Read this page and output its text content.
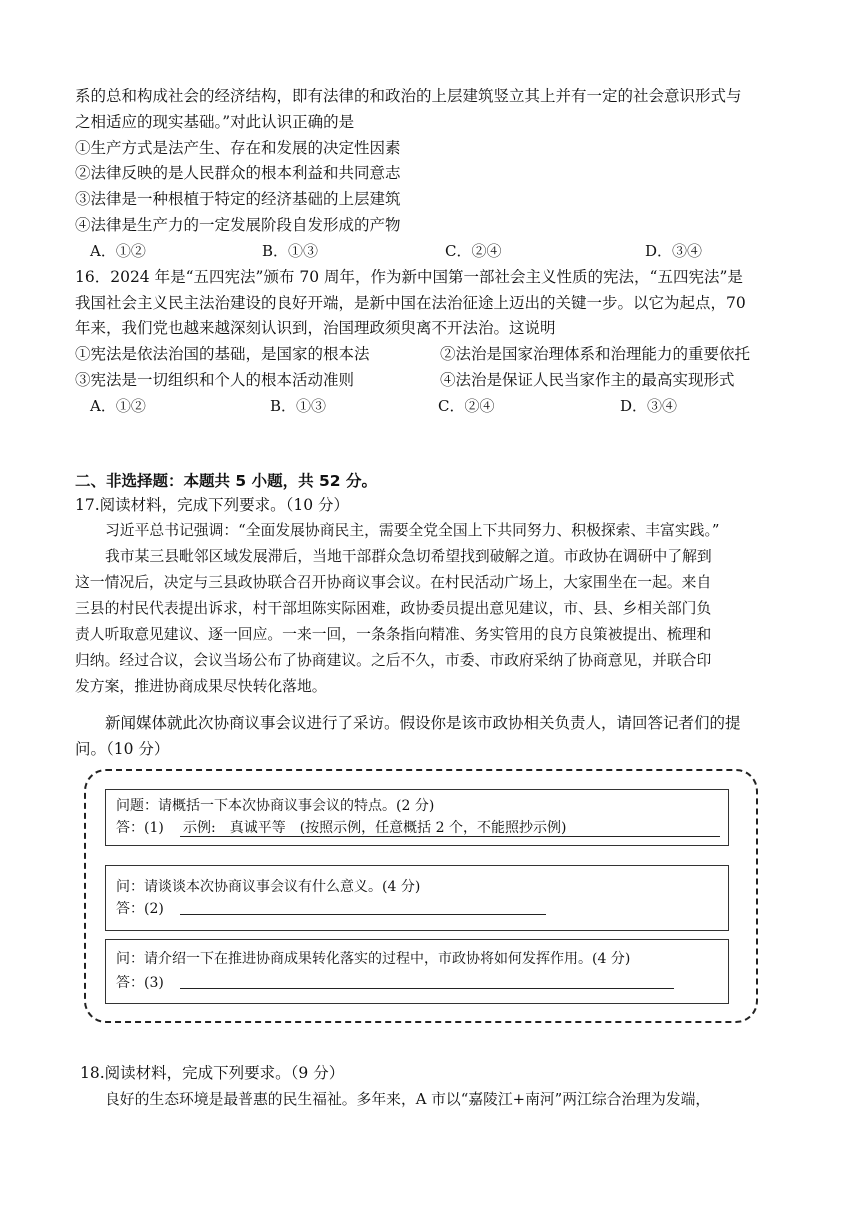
系的总和构成社会的经济结构，即有法律的和政治的上层建筑竖立其上并有一定的社会意识形式与
之相适应的现实基础。”对此认识正确的是
①生产方式是法产生、存在和发展的决定性因素
②法律反映的是人民群众的根本利益和共同意志
③法律是一种根植于特定的经济基础的上层建筑
④法律是生产力的一定发展阶段自发形成的产物
A．①②	B．①③	C．②④	D．③④
16．2024 年是“五四宪法”颁布 70 周年，作为新中国第一部社会主义性质的宪法，“五四宪法”是
我国社会主义民主法治建设的良好开端，是新中国在法治征途上迈出的关键一步。以它为起点，70
年来，我们党也越来越深刻认识到，治国理政须臾离不开法治。这说明
①宪法是依法治国的基础，是国家的根本法	②法治是国家治理体系和治理能力的重要依托
③宪法是一切组织和个人的根本活动准则	④法治是保证人民当家作主的最高实现形式
A．①②	B．①③	C．②④	D．③④
二、非选择题：本题共 5 小题，共 52 分。
17.阅读材料，完成下列要求。（10 分）
习近平总书记强调：“全面发展协商民主，需要全党全国上下共同努力、积极探索、丰富实践。”
我市某三县毗邻区域发展滞后，当地干部群众急切希望找到破解之道。市政协在调研中了解到
这一情况后，决定与三县政协联合召开协商议事会议。在村民活动广场上，大家围坐在一起。来自
三县的村民代表提出诉求，村干部坦陈实际困难，政协委员提出意见建议，市、县、乡相关部门负
责人听取意见建议、逐一回应。一来一回，一条条指向精准、务实管用的良方良策被提出、梳理和
归纳。经过合议，会议当场公布了协商建议。之后不久，市委、市政府采纳了协商意见，并联合印
发方案，推进协商成果尽快转化落地。
新闻媒体就此次协商议事会议进行了采访。假设你是该市政协相关负责人，请回答记者们的提
问。（10 分）
问题：请概括一下本次协商议事会议的特点。(2 分)
答：(1) 示例:　真诚平等　(按照示例，任意概括 2 个，不能照抄示例)
问：请谈谈本次协商议事会议有什么意义。(4 分)
答：(2)
问：请介绍一下在推进协商成果转化落实的过程中，市政协将如何发挥作用。(4 分)
答：(3)
18.阅读材料，完成下列要求。（9 分）
良好的生态环境是最普惠的民生福祉。多年来，A 市以“嘉陵江+南河”两江综合治理为发端，
